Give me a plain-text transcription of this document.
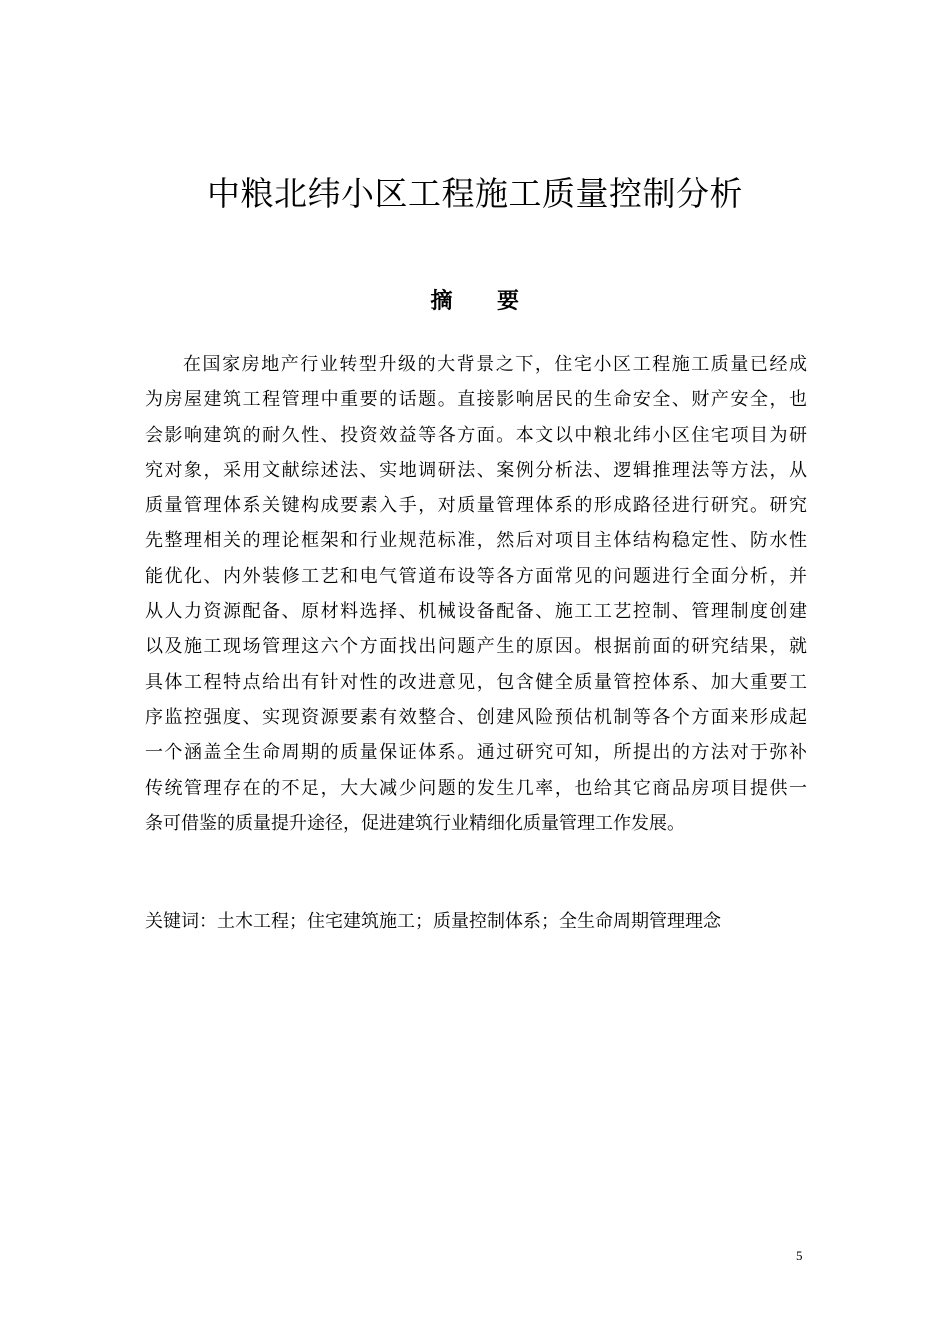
中粮北纬小区工程施工质量控制分析
摘 要
在国家房地产行业转型升级的大背景之下，住宅小区工程施工质量已经成
为房屋建筑工程管理中重要的话题。直接影响居民的生命安全、财产安全，也
会影响建筑的耐久性、投资效益等各方面。本文以中粮北纬小区住宅项目为研
究对象，采用文献综述法、实地调研法、案例分析法、逻辑推理法等方法，从
质量管理体系关键构成要素入手，对质量管理体系的形成路径进行研究。研究
先整理相关的理论框架和行业规范标准，然后对项目主体结构稳定性、防水性
能优化、内外装修工艺和电气管道布设等各方面常见的问题进行全面分析，并
从人力资源配备、原材料选择、机械设备配备、施工工艺控制、管理制度创建
以及施工现场管理这六个方面找出问题产生的原因。根据前面的研究结果，就
具体工程特点给出有针对性的改进意见，包含健全质量管控体系、加大重要工
序监控强度、实现资源要素有效整合、创建风险预估机制等各个方面来形成起
一个涵盖全生命周期的质量保证体系。通过研究可知，所提出的方法对于弥补
传统管理存在的不足，大大减少问题的发生几率，也给其它商品房项目提供一
条可借鉴的质量提升途径，促进建筑行业精细化质量管理工作发展。
关键词：土木工程；住宅建筑施工；质量控制体系；全生命周期管理理念
5
